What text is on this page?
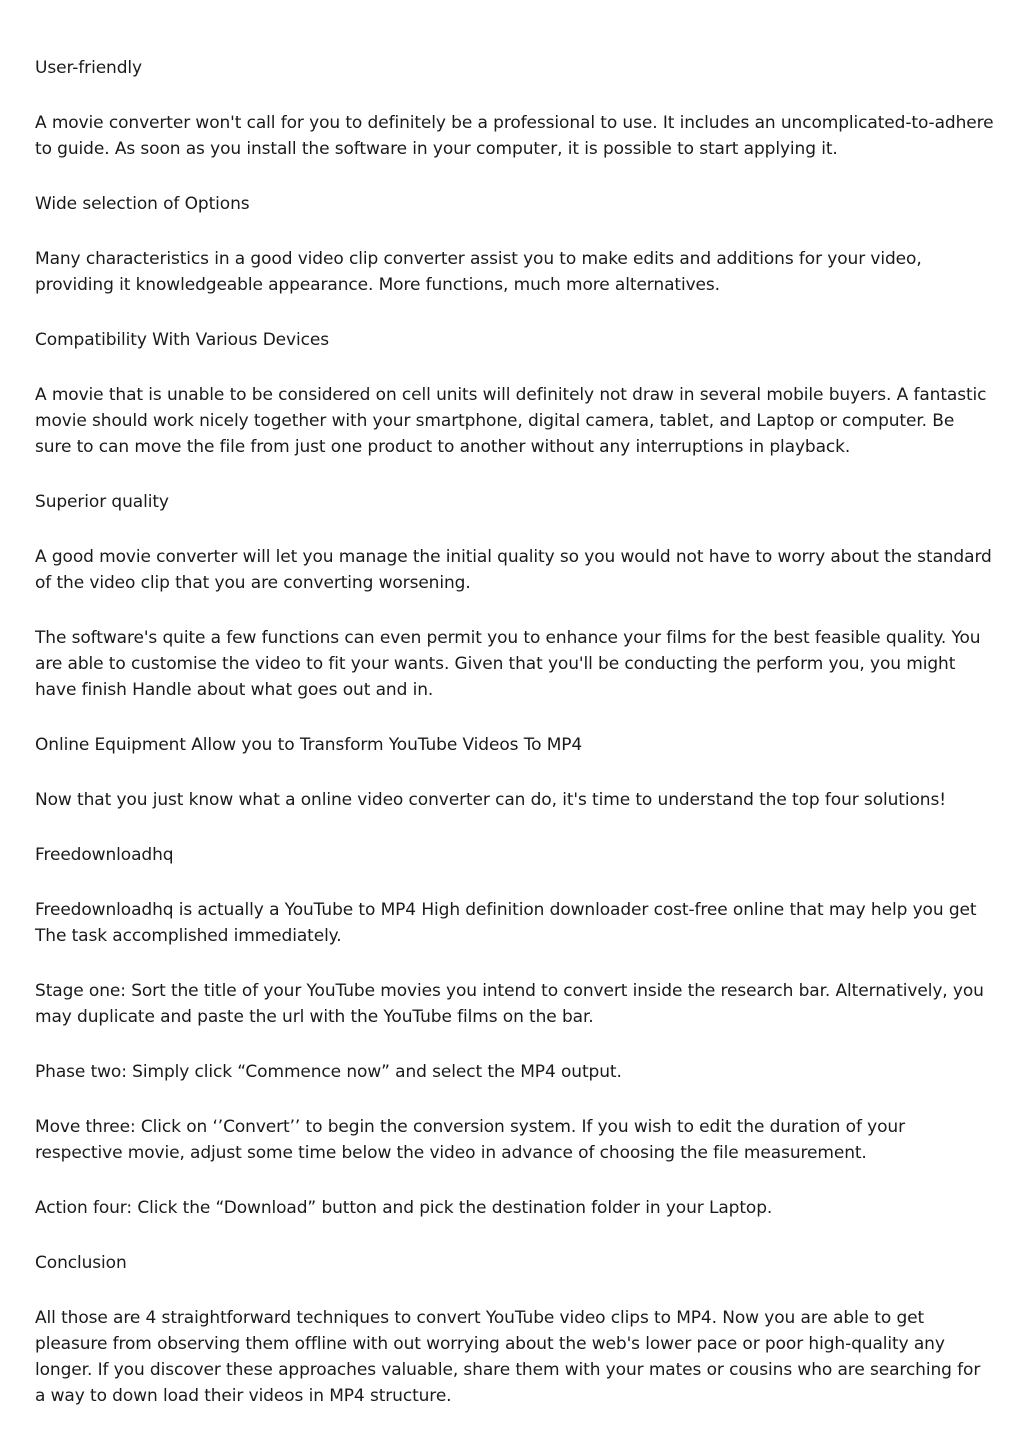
User-friendly

A movie converter won't call for you to definitely be a professional to use. It includes an uncomplicated-to-adhere to guide. As soon as you install the software in your computer, it is possible to start applying it.

Wide selection of Options

Many characteristics in a good video clip converter assist you to make edits and additions for your video, providing it knowledgeable appearance. More functions, much more alternatives.

Compatibility With Various Devices

A movie that is unable to be considered on cell units will definitely not draw in several mobile buyers. A fantastic movie should work nicely together with your smartphone, digital camera, tablet, and Laptop or computer. Be sure to can move the file from just one product to another without any interruptions in playback.

Superior quality

A good movie converter will let you manage the initial quality so you would not have to worry about the standard of the video clip that you are converting worsening.

The software's quite a few functions can even permit you to enhance your films for the best feasible quality. You are able to customise the video to fit your wants. Given that you'll be conducting the perform you, you might have finish Handle about what goes out and in.

Online Equipment Allow you to Transform YouTube Videos To MP4

Now that you just know what a online video converter can do, it's time to understand the top four solutions!

Freedownloadhq

Freedownloadhq is actually a YouTube to MP4 High definition downloader cost-free online that may help you get The task accomplished immediately.

Stage one: Sort the title of your YouTube movies you intend to convert inside the research bar. Alternatively, you may duplicate and paste the url with the YouTube films on the bar.

Phase two: Simply click “Commence now” and select the MP4 output.

Move three: Click on ‘’Convert’’ to begin the conversion system. If you wish to edit the duration of your respective movie, adjust some time below the video in advance of choosing the file measurement.

Action four: Click the “Download” button and pick the destination folder in your Laptop.

Conclusion

All those are 4 straightforward techniques to convert YouTube video clips to MP4. Now you are able to get pleasure from observing them offline with out worrying about the web's lower pace or poor high-quality any longer. If you discover these approaches valuable, share them with your mates or cousins who are searching for a way to down load their videos in MP4 structure.
